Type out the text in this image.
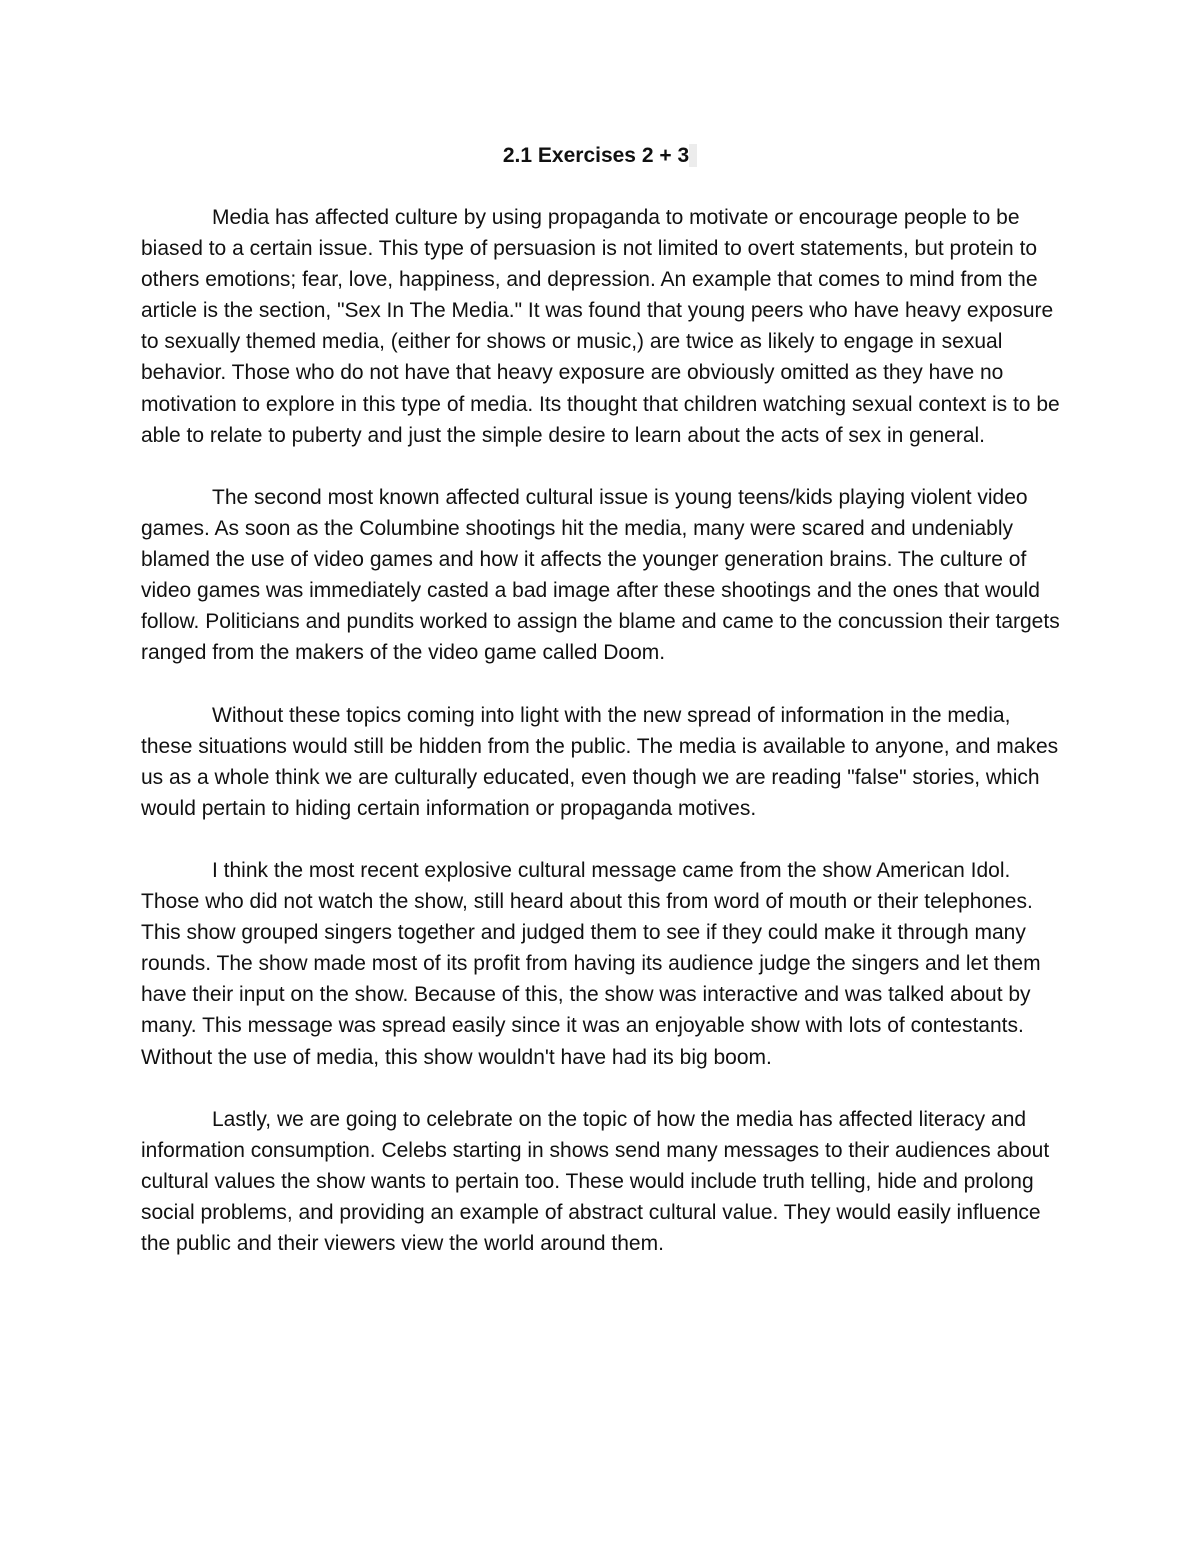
2.1 Exercises 2 + 3

Media has affected culture by using propaganda to motivate or encourage people to be biased to a certain issue. This type of persuasion is not limited to overt statements, but protein to others emotions; fear, love, happiness, and depression. An example that comes to mind from the article is the section, "Sex In The Media." It was found that young peers who have heavy exposure to sexually themed media, (either for shows or music,) are twice as likely to engage in sexual behavior. Those who do not have that heavy exposure are obviously omitted as they have no motivation to explore in this type of media. Its thought that children watching sexual context is to be able to relate to puberty and just the simple desire to learn about the acts of sex in general.

The second most known affected cultural issue is young teens/kids playing violent video games. As soon as the Columbine shootings hit the media, many were scared and undeniably blamed the use of video games and how it affects the younger generation brains. The culture of video games was immediately casted a bad image after these shootings and the ones that would follow. Politicians and pundits worked to assign the blame and came to the concussion their targets ranged from the makers of the video game called Doom.

Without these topics coming into light with the new spread of information in the media, these situations would still be hidden from the public. The media is available to anyone, and makes us as a whole think we are culturally educated, even though we are reading "false" stories, which would pertain to hiding certain information or propaganda motives.

I think the most recent explosive cultural message came from the show American Idol. Those who did not watch the show, still heard about this from word of mouth or their telephones. This show grouped singers together and judged them to see if they could make it through many rounds. The show made most of its profit from having its audience judge the singers and let them have their input on the show. Because of this, the show was interactive and was talked about by many. This message was spread easily since it was an enjoyable show with lots of contestants. Without the use of media, this show wouldn't have had its big boom.

Lastly, we are going to celebrate on the topic of how the media has affected literacy and information consumption. Celebs starting in shows send many messages to their audiences about cultural values the show wants to pertain too. These would include truth telling, hide and prolong social problems, and providing an example of abstract cultural value. They would easily influence the public and their viewers view the world around them.
